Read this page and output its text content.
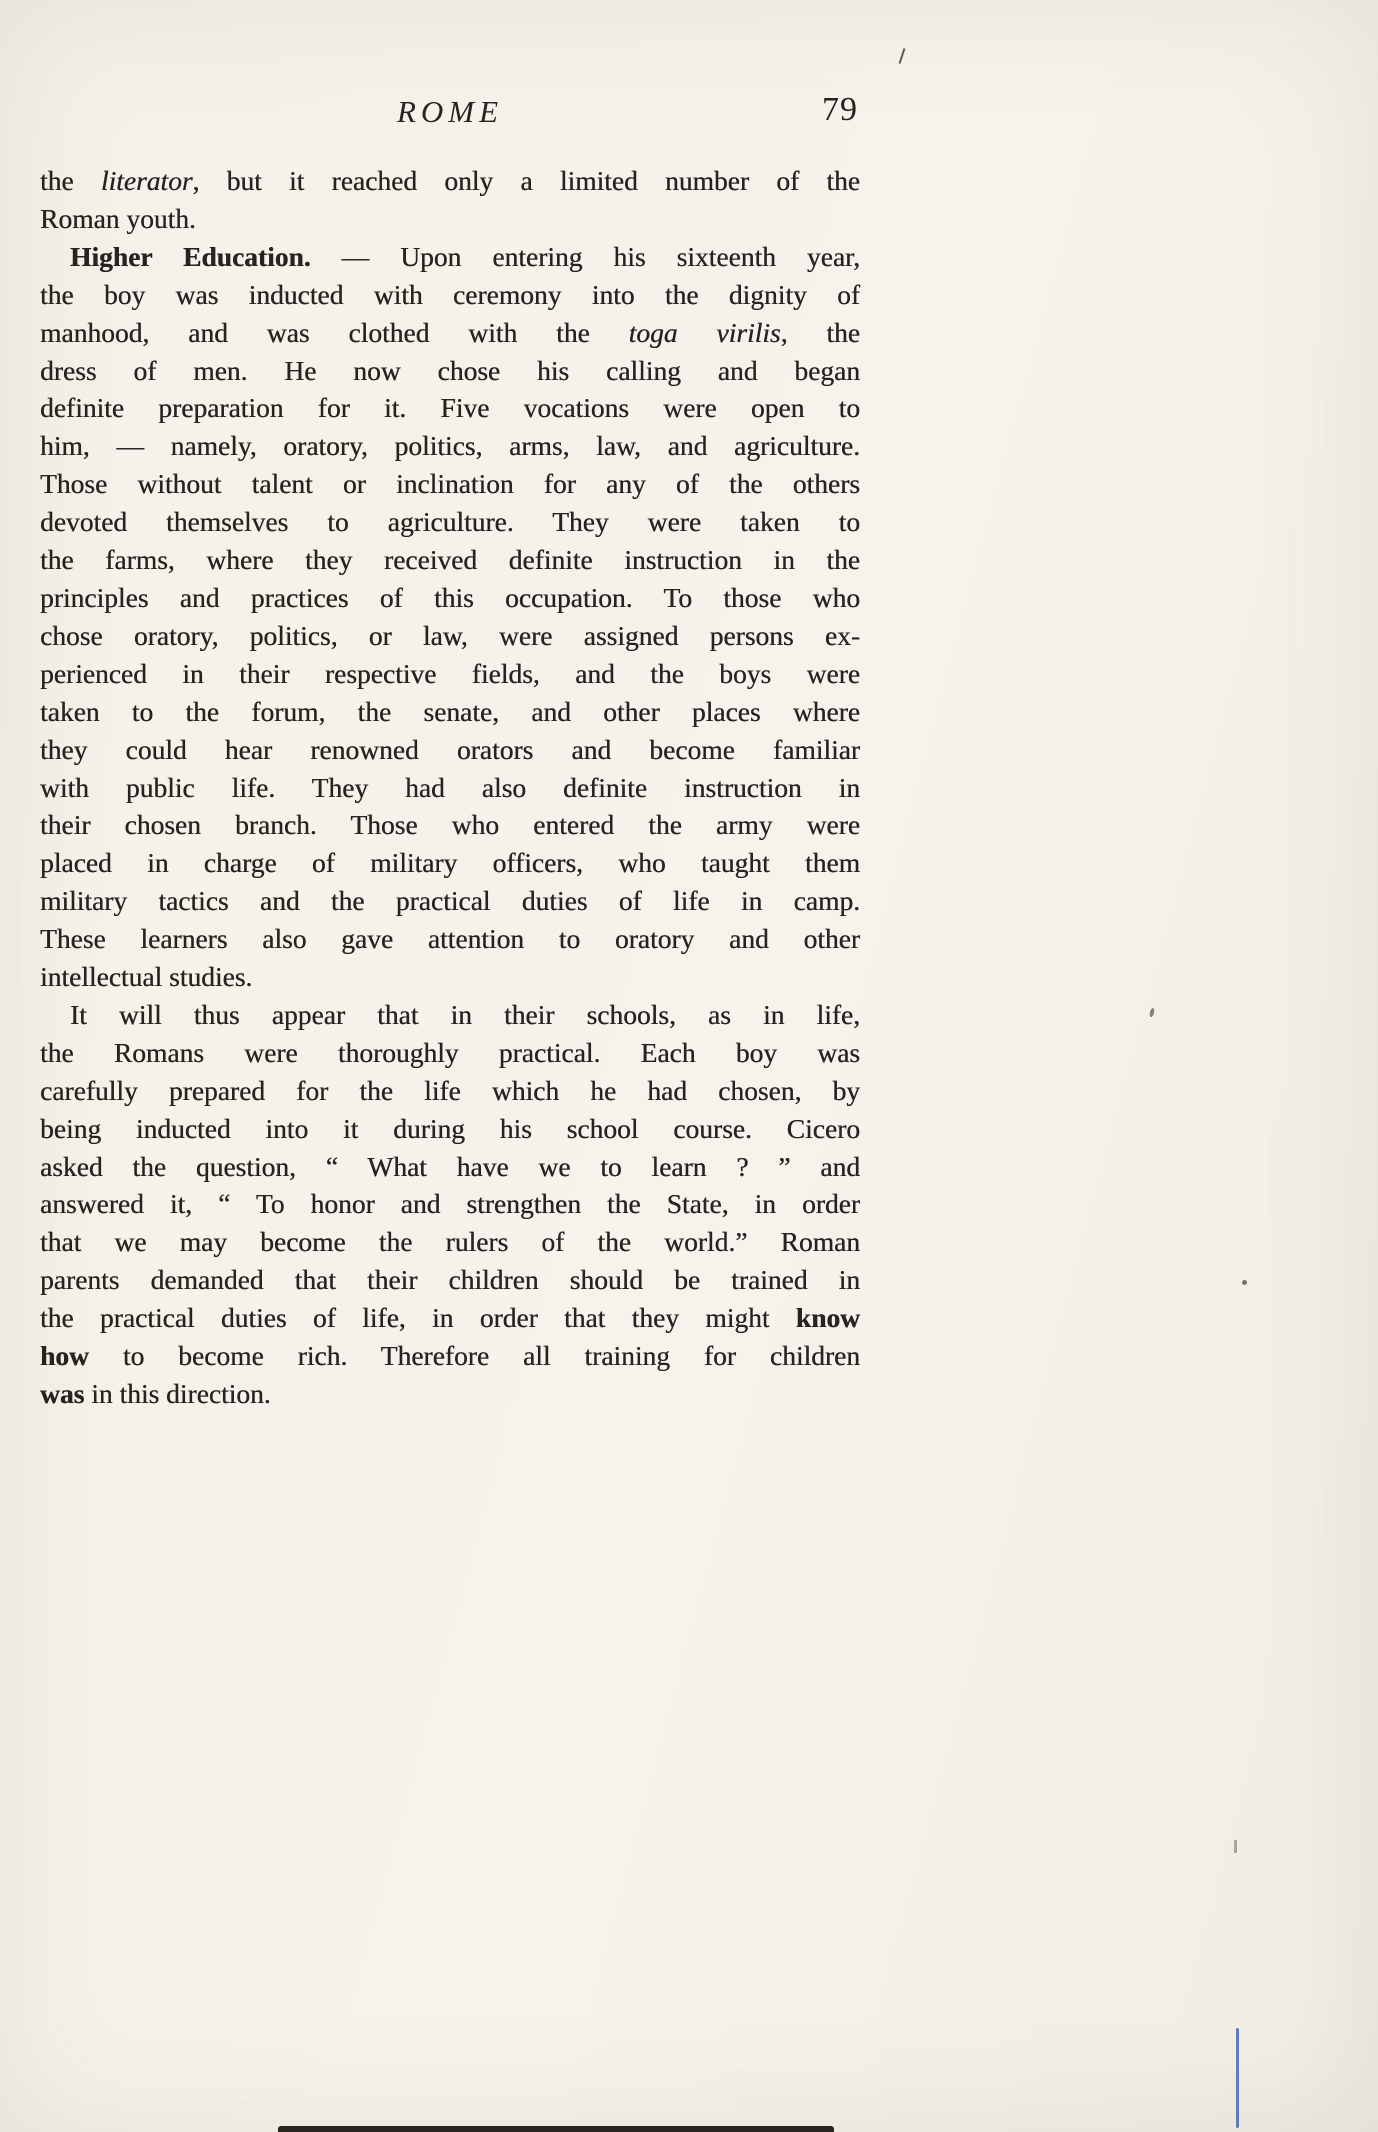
ROME	79
the literator, but it reached only a limited number of the
Roman youth.
Higher Education. — Upon entering his sixteenth year,
the boy was inducted with ceremony into the dignity of
manhood, and was clothed with the toga virilis, the
dress of men. He now chose his calling and began
definite preparation for it. Five vocations were open to
him, — namely, oratory, politics, arms, law, and agriculture.
Those without talent or inclination for any of the others
devoted themselves to agriculture. They were taken to
the farms, where they received definite instruction in the
principles and practices of this occupation. To those who
chose oratory, politics, or law, were assigned persons ex-
perienced in their respective fields, and the boys were
taken to the forum, the senate, and other places where
they could hear renowned orators and become familiar
with public life. They had also definite instruction in
their chosen branch. Those who entered the army were
placed in charge of military officers, who taught them
military tactics and the practical duties of life in camp.
These learners also gave attention to oratory and other
intellectual studies.
It will thus appear that in their schools, as in life,
the Romans were thoroughly practical. Each boy was
carefully prepared for the life which he had chosen, by
being inducted into it during his school course. Cicero
asked the question, “ What have we to learn ? ” and
answered it, “ To honor and strengthen the State, in order
that we may become the rulers of the world.” Roman
parents demanded that their children should be trained in
the practical duties of life, in order that they might know
how to become rich. Therefore all training for children
was in this direction.
